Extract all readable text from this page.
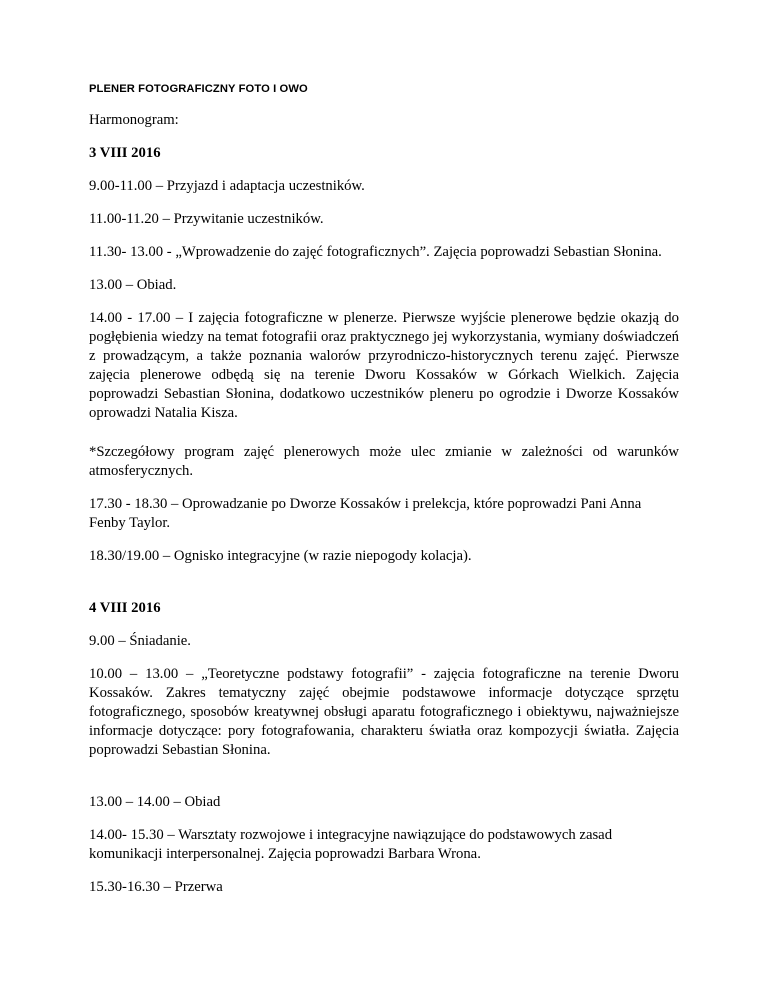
PLENER FOTOGRAFICZNY FOTO I OWO

Harmonogram:

3 VIII 2016

9.00-11.00 – Przyjazd i adaptacja uczestników.

11.00-11.20 – Przywitanie uczestników.

11.30- 13.00 - „Wprowadzenie do zajęć fotograficznych”. Zajęcia poprowadzi Sebastian Słonina.

13.00 – Obiad.

14.00 - 17.00 – I zajęcia fotograficzne w plenerze. Pierwsze wyjście plenerowe będzie okazją do pogłębienia wiedzy na temat fotografii oraz praktycznego jej wykorzystania, wymiany doświadczeń z prowadzącym, a także poznania walorów przyrodniczo-historycznych terenu zajęć. Pierwsze zajęcia plenerowe odbędą się na terenie Dworu Kossaków w Górkach Wielkich. Zajęcia poprowadzi Sebastian Słonina, dodatkowo uczestników pleneru po ogrodzie i Dworze Kossaków oprowadzi Natalia Kisza.

*Szczegółowy program zajęć plenerowych może ulec zmianie w zależności od warunków atmosferycznych.

17.30 - 18.30 – Oprowadzanie po Dworze Kossaków i prelekcja, które poprowadzi Pani Anna Fenby Taylor.

18.30/19.00 – Ognisko integracyjne (w razie niepogody kolacja).

4 VIII 2016

9.00 – Śniadanie.

10.00 – 13.00 – „Teoretyczne podstawy fotografii” - zajęcia fotograficzne na terenie Dworu Kossaków. Zakres tematyczny zajęć obejmie podstawowe informacje dotyczące sprzętu fotograficznego, sposobów kreatywnej obsługi aparatu fotograficznego i obiektywu, najważniejsze informacje dotyczące: pory fotografowania, charakteru światła oraz kompozycji światła. Zajęcia poprowadzi Sebastian Słonina.

13.00 – 14.00 – Obiad

14.00- 15.30 – Warsztaty rozwojowe i integracyjne nawiązujące do podstawowych zasad komunikacji interpersonalnej. Zajęcia poprowadzi Barbara Wrona.

15.30-16.30 – Przerwa
